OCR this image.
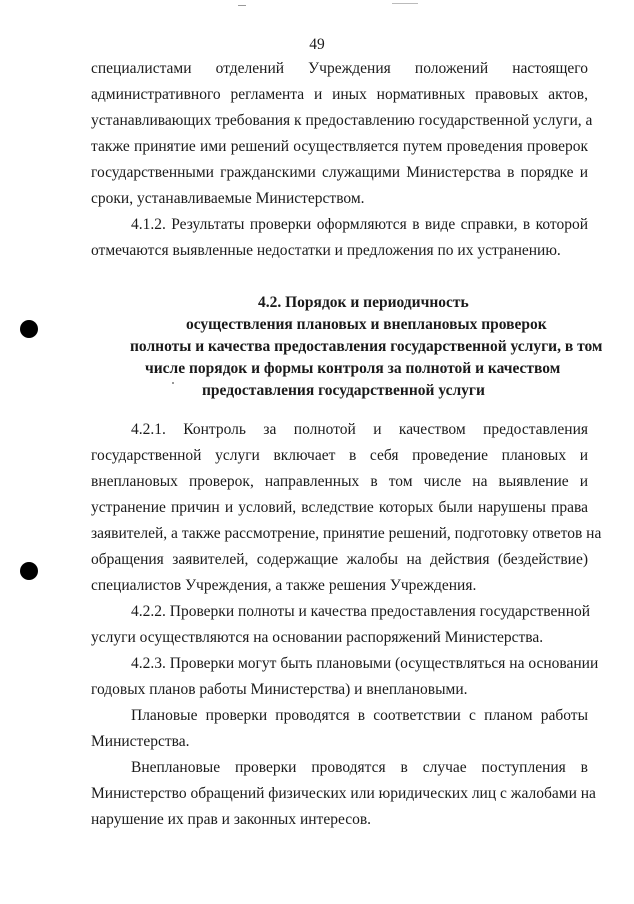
49
специалистами отделений Учреждения положений настоящего
административного регламента и иных нормативных правовых актов,
устанавливающих требования к предоставлению государственной услуги, а
также принятие ими решений осуществляется путем проведения проверок
государственными гражданскими служащими Министерства в порядке и
сроки, устанавливаемые Министерством.
4.1.2. Результаты проверки оформляются в виде справки, в которой
отмечаются выявленные недостатки и предложения по их устранению.
4.2. Порядок и периодичность
осуществления плановых и внеплановых проверок
полноты и качества предоставления государственной услуги, в том
числе порядок и формы контроля за полнотой и качеством
предоставления государственной услуги
4.2.1. Контроль за полнотой и качеством предоставления
государственной услуги включает в себя проведение плановых и
внеплановых проверок, направленных в том числе на выявление и
устранение причин и условий, вследствие которых были нарушены права
заявителей, а также рассмотрение, принятие решений, подготовку ответов на
обращения заявителей, содержащие жалобы на действия (бездействие)
специалистов Учреждения, а также решения Учреждения.
4.2.2. Проверки полноты и качества предоставления государственной
услуги осуществляются на основании распоряжений Министерства.
4.2.3. Проверки могут быть плановыми (осуществляться на основании
годовых планов работы Министерства) и внеплановыми.
Плановые проверки проводятся в соответствии с планом работы
Министерства.
Внеплановые проверки проводятся в случае поступления в
Министерство обращений физических или юридических лиц с жалобами на
нарушение их прав и законных интересов.
